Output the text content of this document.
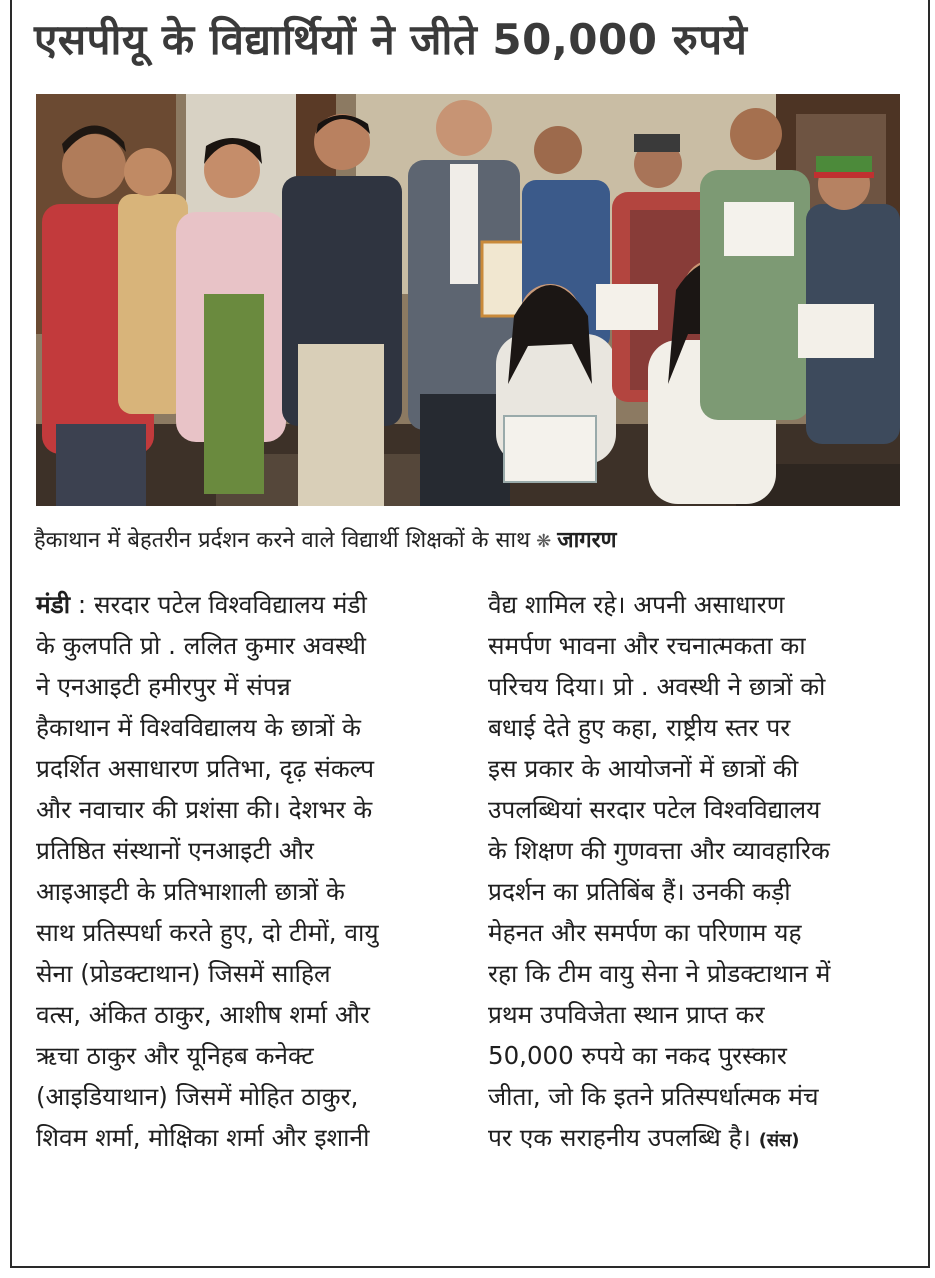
एसपीयू के विद्यार्थियों ने जीते 50,000 रुपये
हैकाथान में बेहतरीन प्रर्दशन करने वाले विद्यार्थी शिक्षकों के साथ ❋ जागरण
मंडी : सरदार पटेल विश्वविद्यालय मंडी
के कुलपति प्रो . ललित कुमार अवस्थी
ने एनआइटी हमीरपुर में संपन्न
हैकाथान में विश्वविद्यालय के छात्रों के
प्रदर्शित असाधारण प्रतिभा, दृढ़ संकल्प
और नवाचार की प्रशंसा की। देशभर के
प्रतिष्ठित संस्थानों एनआइटी और
आइआइटी के प्रतिभाशाली छात्रों के
साथ प्रतिस्पर्धा करते हुए, दो टीमों, वायु
सेना (प्रोडक्टाथान) जिसमें साहिल
वत्स, अंकित ठाकुर, आशीष शर्मा और
ऋचा ठाकुर और यूनिहब कनेक्ट
(आइडियाथान) जिसमें मोहित ठाकुर,
शिवम शर्मा, मोक्षिका शर्मा और इशानी
वैद्य शामिल रहे। अपनी असाधारण
समर्पण भावना और रचनात्मकता का
परिचय दिया। प्रो . अवस्थी ने छात्रों को
बधाई देते हुए कहा, राष्ट्रीय स्तर पर
इस प्रकार के आयोजनों में छात्रों की
उपलब्धियां सरदार पटेल विश्वविद्यालय
के शिक्षण की गुणवत्ता और व्यावहारिक
प्रदर्शन का प्रतिबिंब हैं। उनकी कड़ी
मेहनत और समर्पण का परिणाम यह
रहा कि टीम वायु सेना ने प्रोडक्टाथान में
प्रथम उपविजेता स्थान प्राप्त कर
50,000 रुपये का नकद पुरस्कार
जीता, जो कि इतने प्रतिस्पर्धात्मक मंच
पर एक सराहनीय उपलब्धि है। (संस)
